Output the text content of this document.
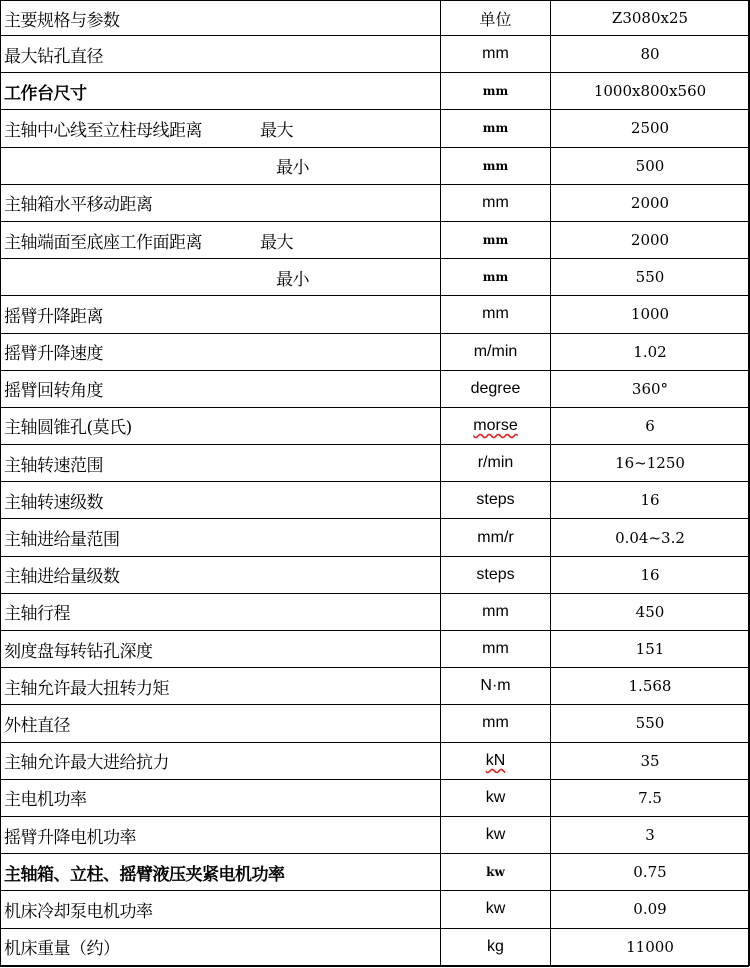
主要规格与参数	单位	Z3080x25
最大钻孔直径	mm	80
工作台尺寸	mm	1000x800x560
主轴中心线至立柱母线距离 最大	mm	2500
最小	mm	500
主轴箱水平移动距离	mm	2000
主轴端面至底座工作面距离 最大	mm	2000
最小	mm	550
摇臂升降距离	mm	1000
摇臂升降速度	m/min	1.02
摇臂回转角度	degree	360°
主轴圆锥孔(莫氏)	morse	6
主轴转速范围	r/min	16~1250
主轴转速级数	steps	16
主轴进给量范围	mm/r	0.04~3.2
主轴进给量级数	steps	16
主轴行程	mm	450
刻度盘每转钻孔深度	mm	151
主轴允许最大扭转力矩	N·m	1.568
外柱直径	mm	550
主轴允许最大进给抗力	kN	35
主电机功率	kw	7.5
摇臂升降电机功率	kw	3
主轴箱、立柱、摇臂液压夹紧电机功率	kw	0.75
机床冷却泵电机功率	kw	0.09
机床重量（约）	kg	11000
